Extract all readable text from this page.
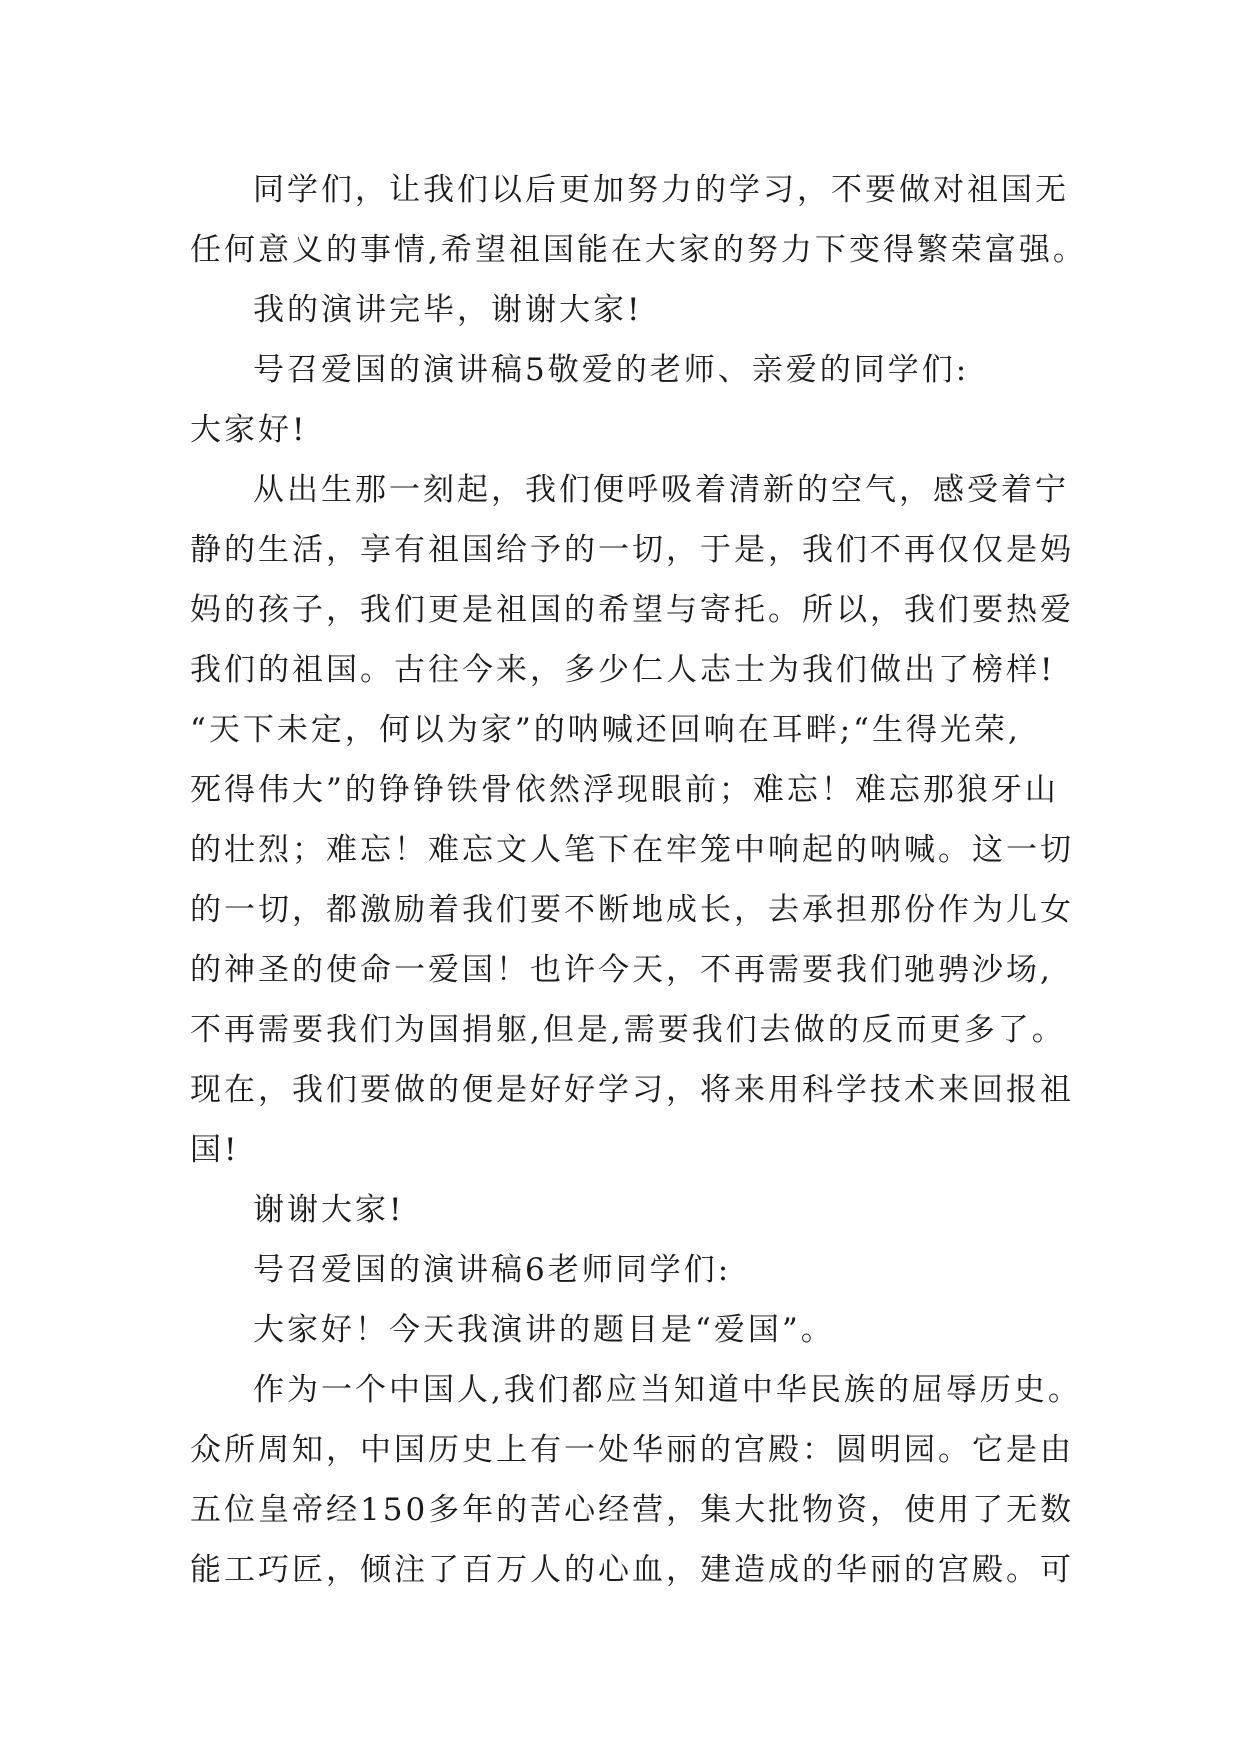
同学们，让我们以后更加努力的学习，不要做对祖国无
任何意义的事情,希望祖国能在大家的努力下变得繁荣富强。
我的演讲完毕，谢谢大家!
号召爱国的演讲稿5敬爱的老师、亲爱的同学们:
大家好!
从出生那一刻起，我们便呼吸着清新的空气，感受着宁
静的生活，享有祖国给予的一切，于是，我们不再仅仅是妈
妈的孩子，我们更是祖国的希望与寄托。所以，我们要热爱
我们的祖国。古往今来，多少仁人志士为我们做出了榜样!
“天下未定，何以为家”的呐喊还回响在耳畔;“生得光荣,
死得伟大”的铮铮铁骨依然浮现眼前；难忘！难忘那狼牙山
的壮烈；难忘！难忘文人笔下在牢笼中响起的呐喊。这一切
的一切，都激励着我们要不断地成长，去承担那份作为儿女
的神圣的使命一爱国！也许今天，不再需要我们驰骋沙场,
不再需要我们为国捐躯,但是,需要我们去做的反而更多了。
现在，我们要做的便是好好学习，将来用科学技术来回报祖
国!
谢谢大家!
号召爱国的演讲稿6老师同学们:
大家好！今天我演讲的题目是“爱国”。
作为一个中国人,我们都应当知道中华民族的屈辱历史。
众所周知，中国历史上有一处华丽的宫殿：圆明园。它是由
五位皇帝经150多年的苦心经营，集大批物资，使用了无数
能工巧匠，倾注了百万人的心血，建造成的华丽的宫殿。可
